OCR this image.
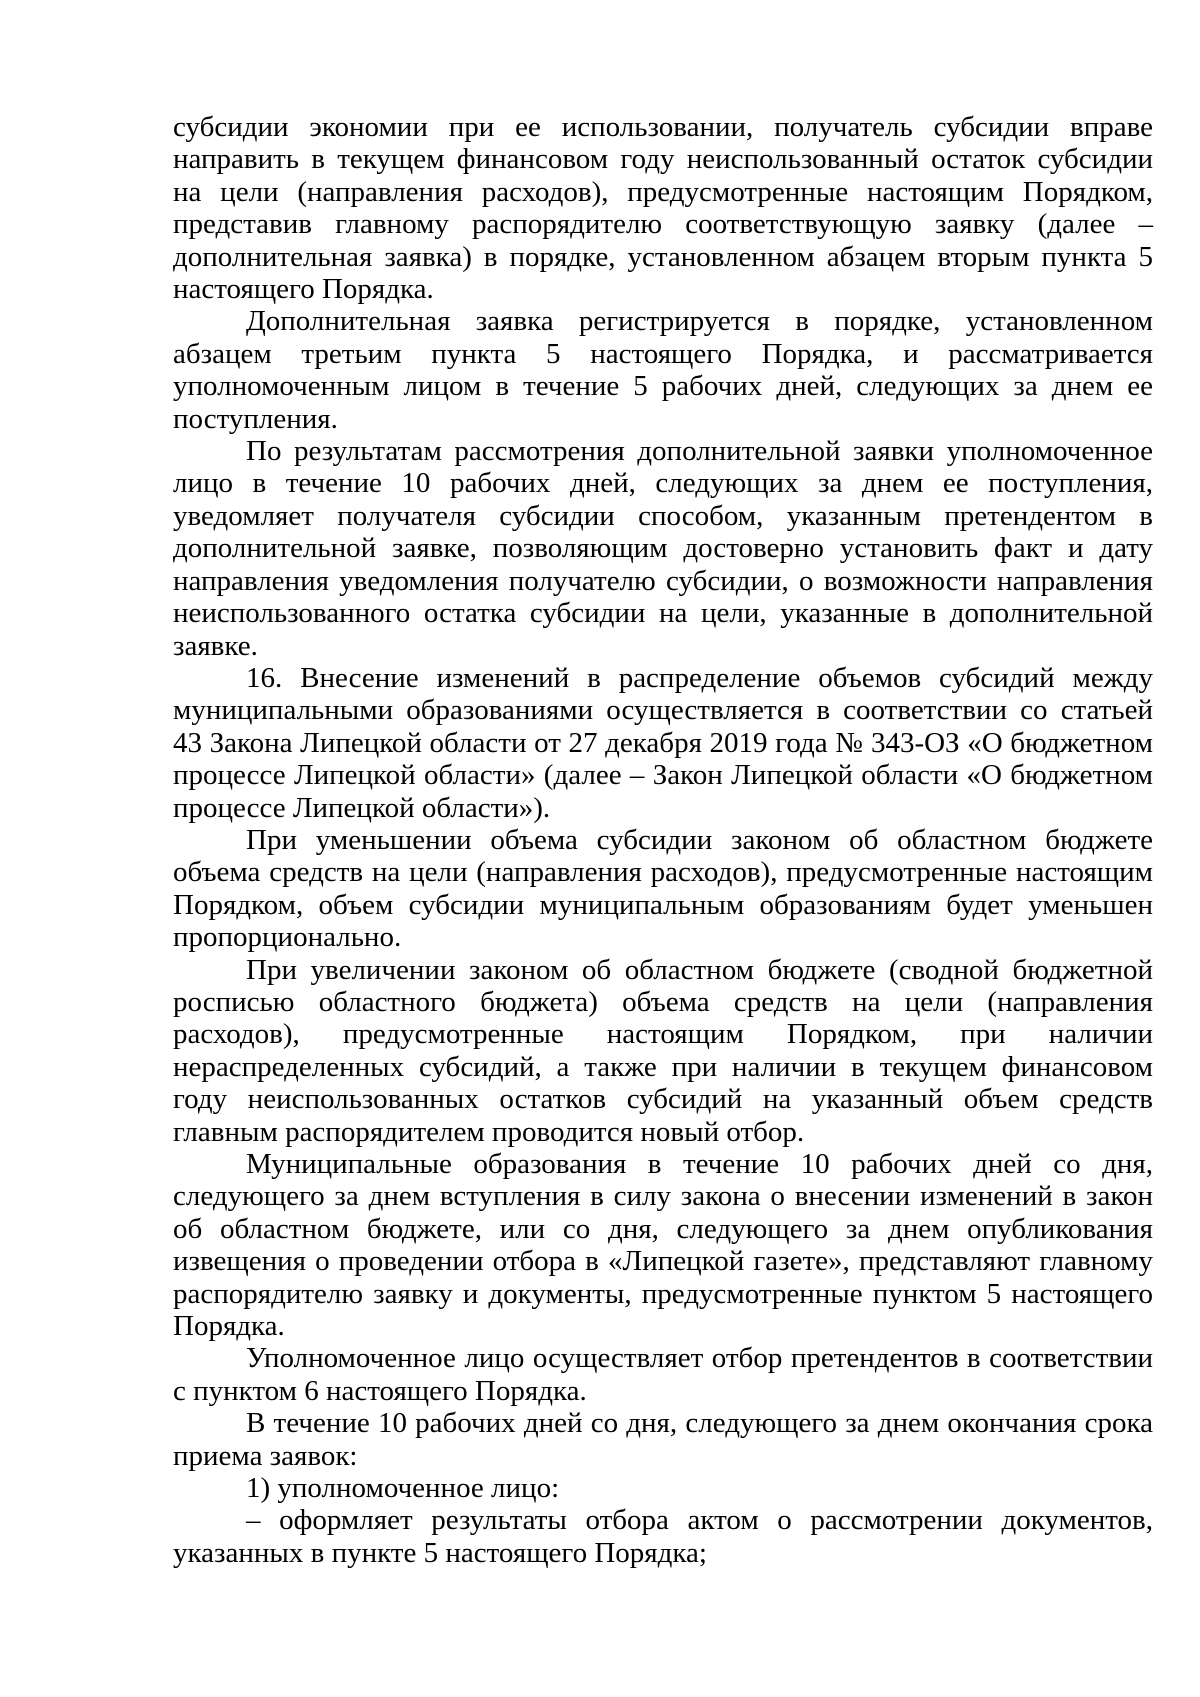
субсидии экономии при ее использовании, получатель субсидии вправе направить в текущем финансовом году неиспользованный остаток субсидии на цели (направления расходов), предусмотренные настоящим Порядком, представив главному распорядителю соответствующую заявку (далее – дополнительная заявка) в порядке, установленном абзацем вторым пункта 5 настоящего Порядка.

Дополнительная заявка регистрируется в порядке, установленном абзацем третьим пункта 5 настоящего Порядка, и рассматривается уполномоченным лицом в течение 5 рабочих дней, следующих за днем ее поступления.

По результатам рассмотрения дополнительной заявки уполномоченное лицо в течение 10 рабочих дней, следующих за днем ее поступления, уведомляет получателя субсидии способом, указанным претендентом в дополнительной заявке, позволяющим достоверно установить факт и дату направления уведомления получателю субсидии, о возможности направления неиспользованного остатка субсидии на цели, указанные в дополнительной заявке.

16. Внесение изменений в распределение объемов субсидий между муниципальными образованиями осуществляется в соответствии со статьей 43 Закона Липецкой области от 27 декабря 2019 года № 343-ОЗ «О бюджетном процессе Липецкой области» (далее – Закон Липецкой области «О бюджетном процессе Липецкой области»).

При уменьшении объема субсидии законом об областном бюджете объема средств на цели (направления расходов), предусмотренные настоящим Порядком, объем субсидии муниципальным образованиям будет уменьшен пропорционально.

При увеличении законом об областном бюджете (сводной бюджетной росписью областного бюджета) объема средств на цели (направления расходов), предусмотренные настоящим Порядком, при наличии нераспределенных субсидий, а также при наличии в текущем финансовом году неиспользованных остатков субсидий на указанный объем средств главным распорядителем проводится новый отбор.

Муниципальные образования в течение 10 рабочих дней со дня, следующего за днем вступления в силу закона о внесении изменений в закон об областном бюджете, или со дня, следующего за днем опубликования извещения о проведении отбора в «Липецкой газете», представляют главному распорядителю заявку и документы, предусмотренные пунктом 5 настоящего Порядка.

Уполномоченное лицо осуществляет отбор претендентов в соответствии с пунктом 6 настоящего Порядка.

В течение 10 рабочих дней со дня, следующего за днем окончания срока приема заявок:

1) уполномоченное лицо:

– оформляет результаты отбора актом о рассмотрении документов, указанных в пункте 5 настоящего Порядка;
